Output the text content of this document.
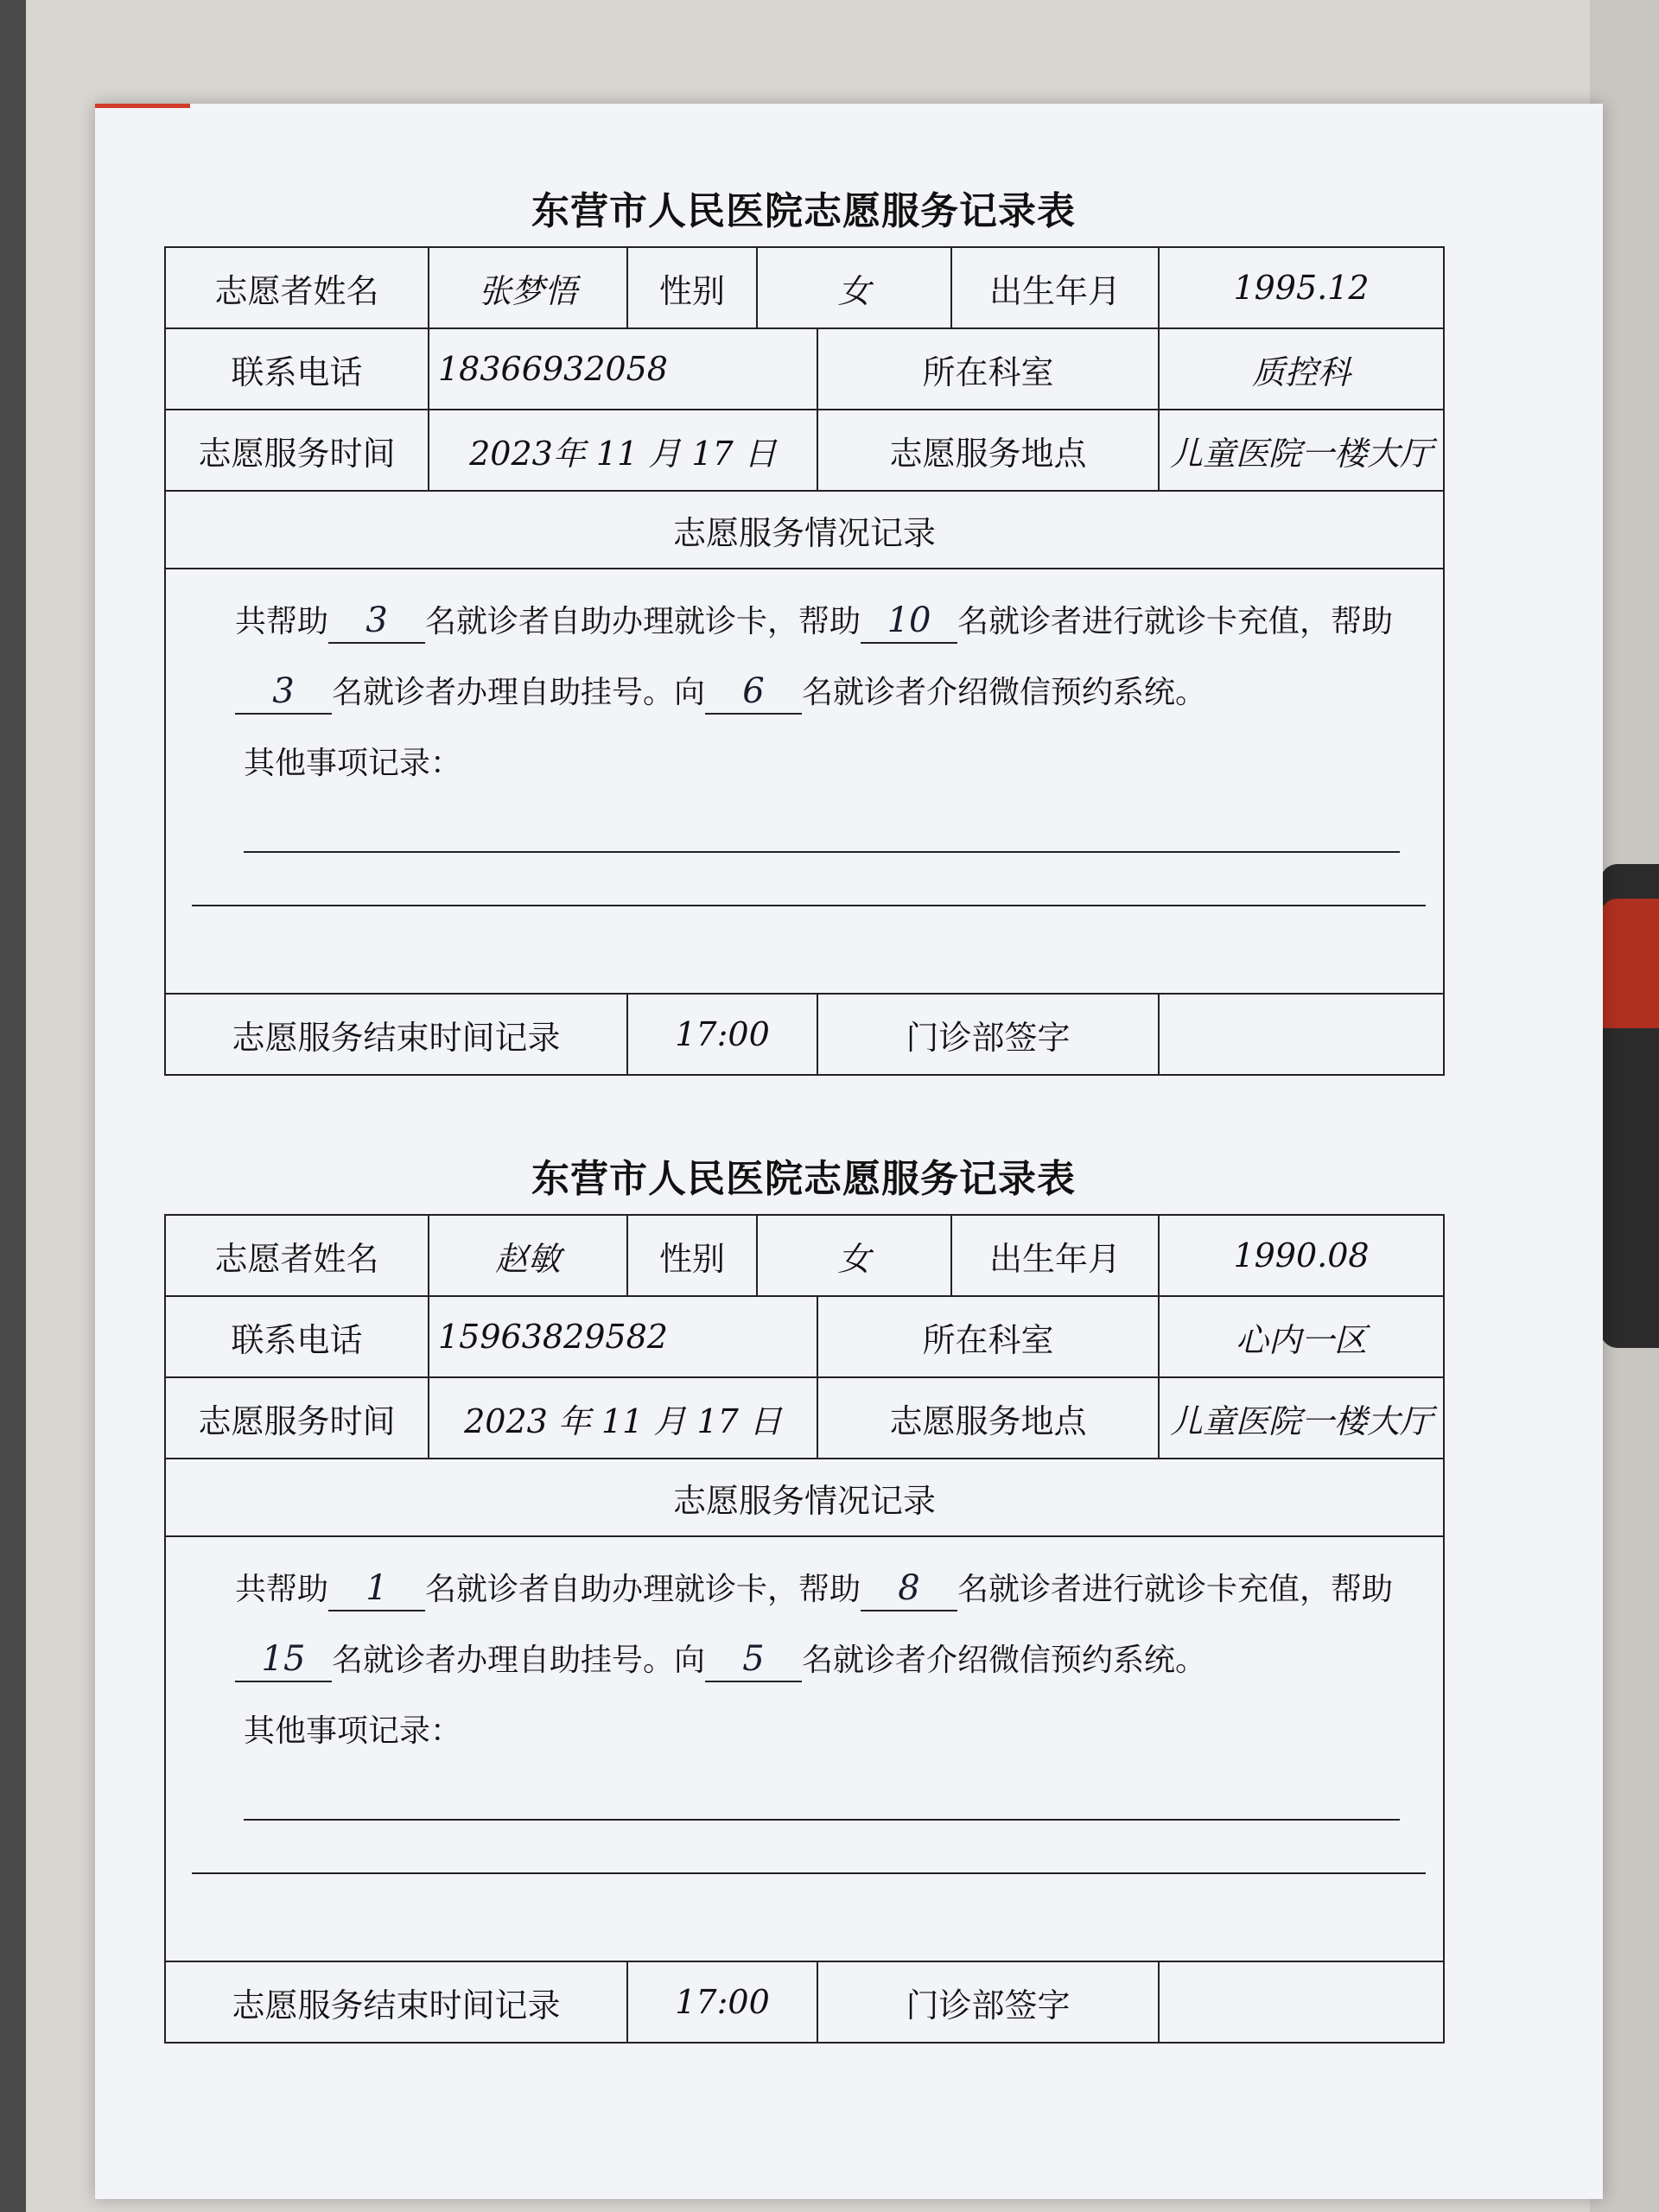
东营市人民医院志愿服务记录表
志愿者姓名	张梦悟	性别	女		出生年月	1995.12
联系电话	18366932058			所在科室		质控科
志愿服务时间	2023年 11 月 17 日			志愿服务地点		儿童医院一楼大厅
志愿服务情况记录						

共帮助 3 名就诊者自助办理就诊卡，帮助 10 名就诊者进行就诊卡充值，帮助3 名就诊者办理自助挂号。向 6 名就诊者介绍微信预约系统。
其他事项记录：						

志愿服务结束时间记录		17:00		门诊部签字		
东营市人民医院志愿服务记录表
志愿者姓名	赵敏	性别	女		出生年月	1990.08
联系电话	15963829582			所在科室		心内一区
志愿服务时间	2023 年 11 月 17 日			志愿服务地点		儿童医院一楼大厅
志愿服务情况记录						

共帮助 1 名就诊者自助办理就诊卡，帮助 8 名就诊者进行就诊卡充值，帮助15 名就诊者办理自助挂号。向 5 名就诊者介绍微信预约系统。
其他事项记录：						

志愿服务结束时间记录		17:00		门诊部签字		
